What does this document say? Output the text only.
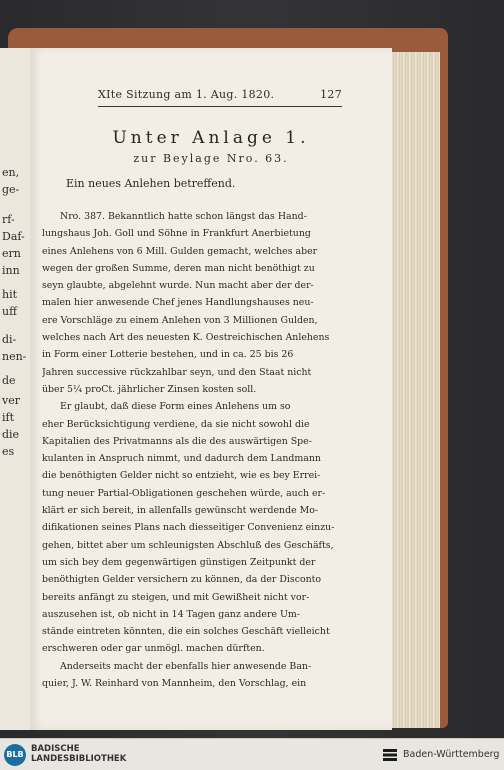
en,
ge-
rf-
Daf-
ern
inn
hit
uff
di-
nen-
de
ver
ift
die
es
XIte Sitzung am 1. Aug. 1820.	127
Unter Anlage 1.
zur Beylage Nro. 63.
Ein neues Anlehen betreffend.
Nro. 387. Bekanntlich hatte schon längst das Hand-
lungshaus Joh. Goll und Söhne in Frankfurt Anerbietung
eines Anlehens von 6 Mill. Gulden gemacht, welches aber
wegen der großen Summe, deren man nicht benöthigt zu
seyn glaubte, abgelehnt wurde. Nun macht aber der der-
malen hier anwesende Chef jenes Handlungshauses neu-
ere Vorschläge zu einem Anlehen von 3 Millionen Gulden,
welches nach Art des neuesten K. Oestreichischen Anlehens
in Form einer Lotterie bestehen, und in ca. 25 bis 26
Jahren successive rückzahlbar seyn, und den Staat nicht
über 5¼ proCt. jährlicher Zinsen kosten soll.
Er glaubt, daß diese Form eines Anlehens um so
eher Berücksichtigung verdiene, da sie nicht sowohl die
Kapitalien des Privatmanns als die des auswärtigen Spe-
kulanten in Anspruch nimmt, und dadurch dem Landmann
die benöthigten Gelder nicht so entzieht, wie es bey Errei-
tung neuer Partial-Obligationen geschehen würde, auch er-
klärt er sich bereit, in allenfalls gewünscht werdende Mo-
difikationen seines Plans nach diesseitiger Convenienz einzu-
gehen, bittet aber um schleunigsten Abschluß des Geschäfts,
um sich bey dem gegenwärtigen günstigen Zeitpunkt der
benöthigten Gelder versichern zu können, da der Disconto
bereits anfängt zu steigen, und mit Gewißheit nicht vor-
auszusehen ist, ob nicht in 14 Tagen ganz andere Um-
stände eintreten könnten, die ein solches Geschäft vielleicht
erschweren oder gar unmögl. machen dürften.
Anderseits macht der ebenfalls hier anwesende Ban-
quier, J. W. Reinhard von Mannheim, den Vorschlag, ein
BLB
BADISCHE
LANDESBIBLIOTHEK	Baden-Württemberg
